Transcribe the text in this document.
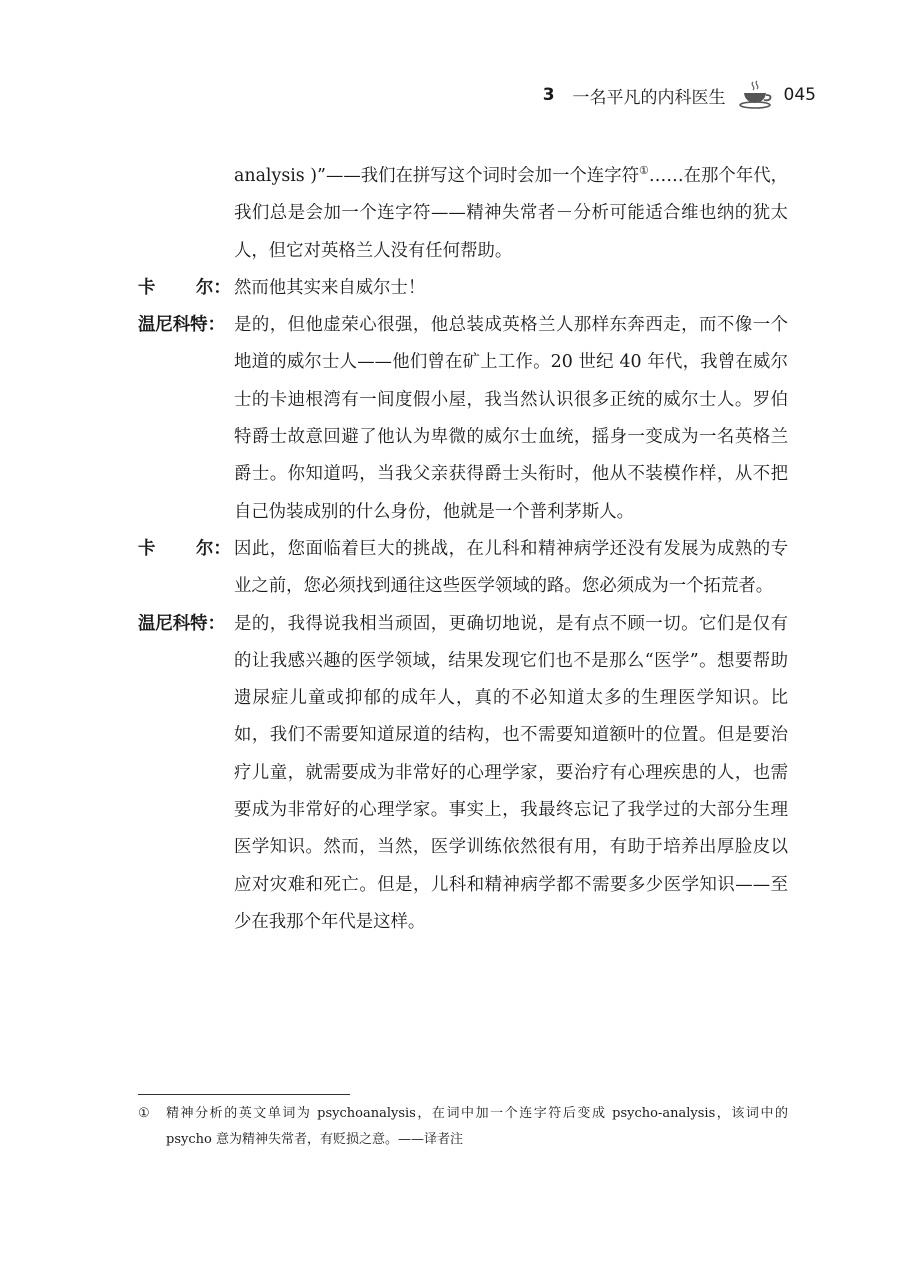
3 一名平凡的内科医生	045
analysis )”——我们在拼写这个词时会加一个连字符①……在那个年代，我们总是会加一个连字符——精神失常者－分析可能适合维也纳的犹太人，但它对英格兰人没有任何帮助。
卡 尔： 然而他其实来自威尔士！
温尼科特： 是的，但他虚荣心很强，他总装成英格兰人那样东奔西走，而不像一个地道的威尔士人——他们曾在矿上工作。20 世纪 40 年代，我曾在威尔士的卡迪根湾有一间度假小屋，我当然认识很多正统的威尔士人。罗伯特爵士故意回避了他认为卑微的威尔士血统，摇身一变成为一名英格兰爵士。你知道吗，当我父亲获得爵士头衔时，他从不装模作样，从不把自己伪装成别的什么身份，他就是一个普利茅斯人。
卡 尔： 因此，您面临着巨大的挑战，在儿科和精神病学还没有发展为成熟的专业之前，您必须找到通往这些医学领域的路。您必须成为一个拓荒者。
温尼科特： 是的，我得说我相当顽固，更确切地说，是有点不顾一切。它们是仅有的让我感兴趣的医学领域，结果发现它们也不是那么“医学”。想要帮助遗尿症儿童或抑郁的成年人，真的不必知道太多的生理医学知识。比如，我们不需要知道尿道的结构，也不需要知道额叶的位置。但是要治疗儿童，就需要成为非常好的心理学家，要治疗有心理疾患的人，也需要成为非常好的心理学家。事实上，我最终忘记了我学过的大部分生理医学知识。然而，当然，医学训练依然很有用，有助于培养出厚脸皮以应对灾难和死亡。但是，儿科和精神病学都不需要多少医学知识——至少在我那个年代是这样。
①	精神分析的英文单词为 psychoanalysis，在词中加一个连字符后变成 psycho-analysis，该词中的 psycho 意为精神失常者，有贬损之意。——译者注
